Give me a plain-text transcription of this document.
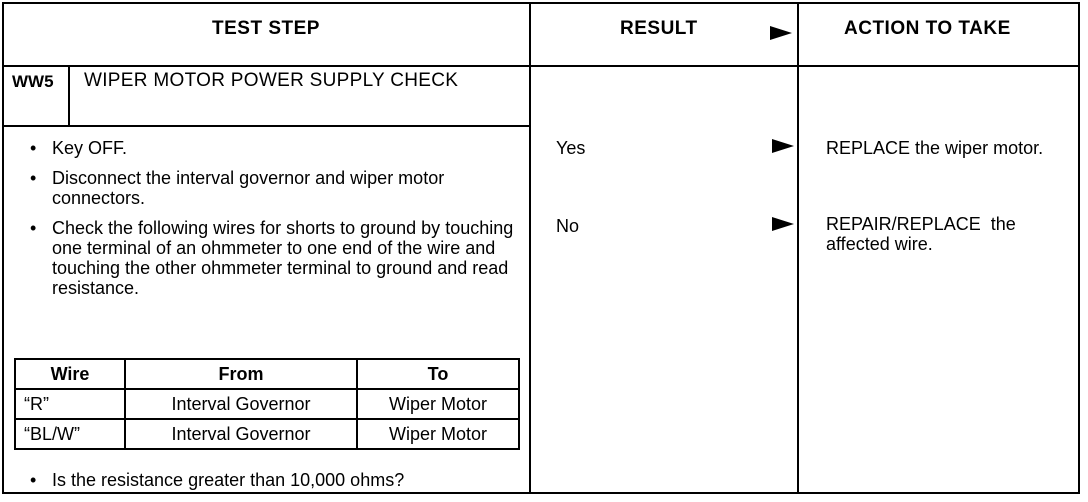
TEST STEP	RESULT	ACTION TO TAKE
WW5 WIPER MOTOR POWER SUPPLY CHECK
• Key OFF.
• Disconnect the interval governor and wiper motor connectors.
• Check the following wires for shorts to ground by touching one terminal of an ohmmeter to one end of the wire and touching the other ohmmeter terminal to ground and read resistance.
Wire	From	To
“R”	Interval Governor	Wiper Motor
“BL/W”	Interval Governor	Wiper Motor
• Is the resistance greater than 10,000 ohms?
Yes	REPLACE the wiper motor.
No	REPAIR/REPLACE  the affected wire.
